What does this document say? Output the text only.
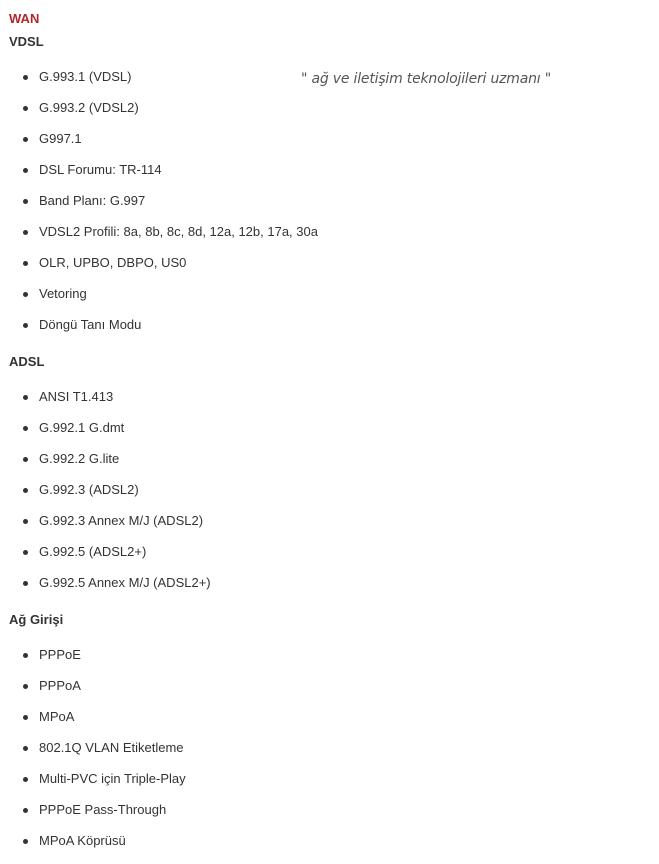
WAN
VDSL
" ağ ve iletişim teknolojileri uzmanı "
G.993.1 (VDSL)
G.993.2 (VDSL2)
G997.1
DSL Forumu: TR-114
Band Planı: G.997
VDSL2 Profili: 8a, 8b, 8c, 8d, 12a, 12b, 17a, 30a
OLR, UPBO, DBPO, US0
Vetoring
Döngü Tanı Modu
ADSL
ANSI T1.413
G.992.1 G.dmt
G.992.2 G.lite
G.992.3 (ADSL2)
G.992.3 Annex M/J (ADSL2)
G.992.5 (ADSL2+)
G.992.5 Annex M/J (ADSL2+)
Ağ Girişi
PPPoE
PPPoA
MPoA
802.1Q VLAN Etiketleme
Multi-PVC için Triple-Play
PPPoE Pass-Through
MPoA Köprüsü
